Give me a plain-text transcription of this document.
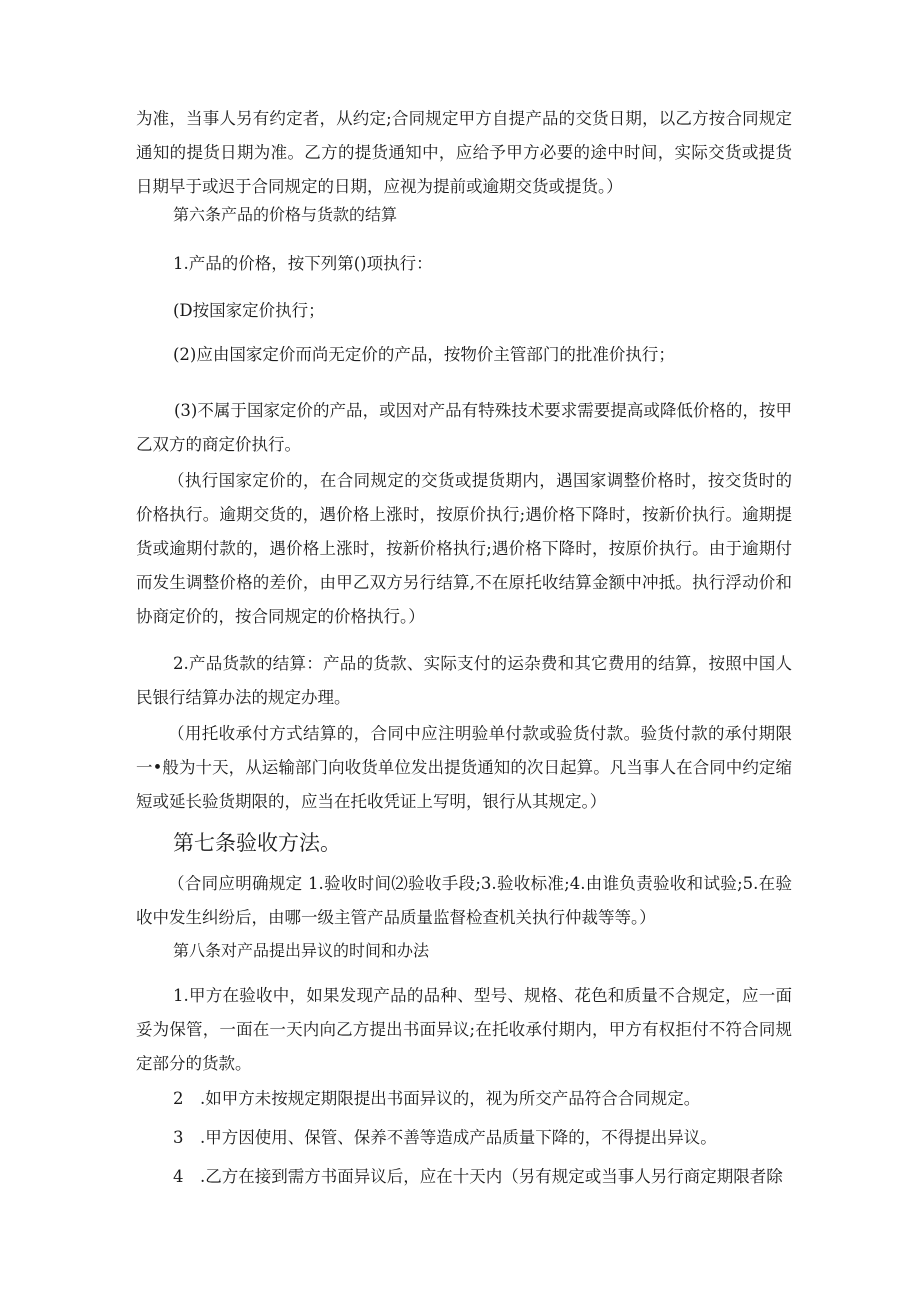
为准，当事人另有约定者，从约定;合同规定甲方自提产品的交货日期，以乙方按合同规定通知的提货日期为准。乙方的提货通知中，应给予甲方必要的途中时间，实际交货或提货日期早于或迟于合同规定的日期，应视为提前或逾期交货或提货。）

第六条产品的价格与货款的结算

1.产品的价格，按下列第()项执行：

(D按国家定价执行；

(2)应由国家定价而尚无定价的产品，按物价主管部门的批准价执行；

(3)不属于国家定价的产品，或因对产品有特殊技术要求需要提高或降低价格的，按甲乙双方的商定价执行。

（执行国家定价的，在合同规定的交货或提货期内，遇国家调整价格时，按交货时的价格执行。逾期交货的，遇价格上涨时，按原价执行;遇价格下降时，按新价执行。逾期提货或逾期付款的，遇价格上涨时，按新价格执行;遇价格下降时，按原价执行。由于逾期付而发生调整价格的差价，由甲乙双方另行结算,不在原托收结算金额中冲抵。执行浮动价和协商定价的，按合同规定的价格执行。）

2.产品货款的结算：产品的货款、实际支付的运杂费和其它费用的结算，按照中国人民银行结算办法的规定办理。

（用托收承付方式结算的，合同中应注明验单付款或验货付款。验货付款的承付期限一•般为十天，从运输部门向收货单位发出提货通知的次日起算。凡当事人在合同中约定缩短或延长验货期限的，应当在托收凭证上写明，银行从其规定。）

第七条验收方法。

（合同应明确规定 1.验收时间⑵验收手段;3.验收标准;4.由谁负责验收和试验;5.在验收中发生纠纷后，由哪一级主管产品质量监督检查机关执行仲裁等等。）

第八条对产品提出异议的时间和办法

1.甲方在验收中，如果发现产品的品种、型号、规格、花色和质量不合规定，应一面妥为保管，一面在一天内向乙方提出书面异议;在托收承付期内，甲方有权拒付不符合同规定部分的货款。

2　.如甲方未按规定期限提出书面异议的，视为所交产品符合合同规定。

3　.甲方因使用、保管、保养不善等造成产品质量下降的，不得提出异议。

4　.乙方在接到需方书面异议后，应在十天内（另有规定或当事人另行商定期限者除
